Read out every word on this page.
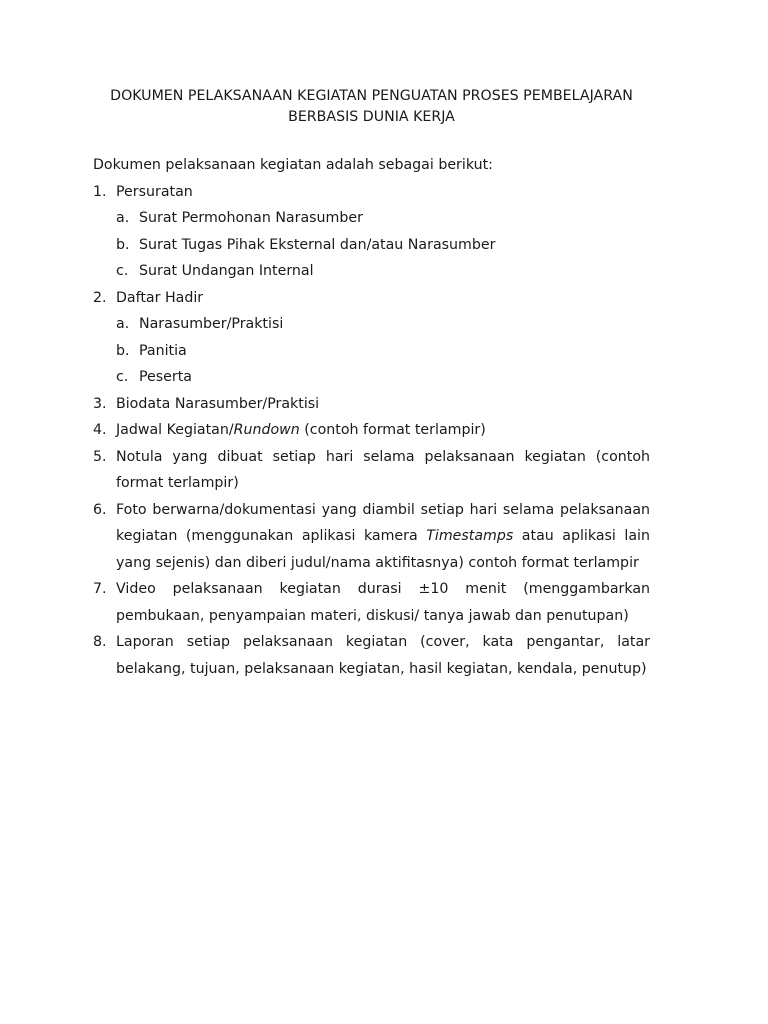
DOKUMEN PELAKSANAAN KEGIATAN PENGUATAN PROSES PEMBELAJARAN
BERBASIS DUNIA KERJA

Dokumen pelaksanaan kegiatan adalah sebagai berikut:

1. Persuratan
a. Surat Permohonan Narasumber
b. Surat Tugas Pihak Eksternal dan/atau Narasumber
c. Surat Undangan Internal
2. Daftar Hadir
a. Narasumber/Praktisi
b. Panitia
c. Peserta
3. Biodata Narasumber/Praktisi
4. Jadwal Kegiatan/Rundown (contoh format terlampir)
5. Notula yang dibuat setiap hari selama pelaksanaan kegiatan (contoh format terlampir)
6. Foto berwarna/dokumentasi yang diambil setiap hari selama pelaksanaan kegiatan (menggunakan aplikasi kamera Timestamps atau aplikasi lain yang sejenis) dan diberi judul/nama aktifitasnya) contoh format terlampir
7. Video pelaksanaan kegiatan durasi ±10 menit (menggambarkan pembukaan, penyampaian materi, diskusi/ tanya jawab dan penutupan)
8. Laporan setiap pelaksanaan kegiatan (cover, kata pengantar, latar belakang, tujuan, pelaksanaan kegiatan, hasil kegiatan, kendala, penutup)
